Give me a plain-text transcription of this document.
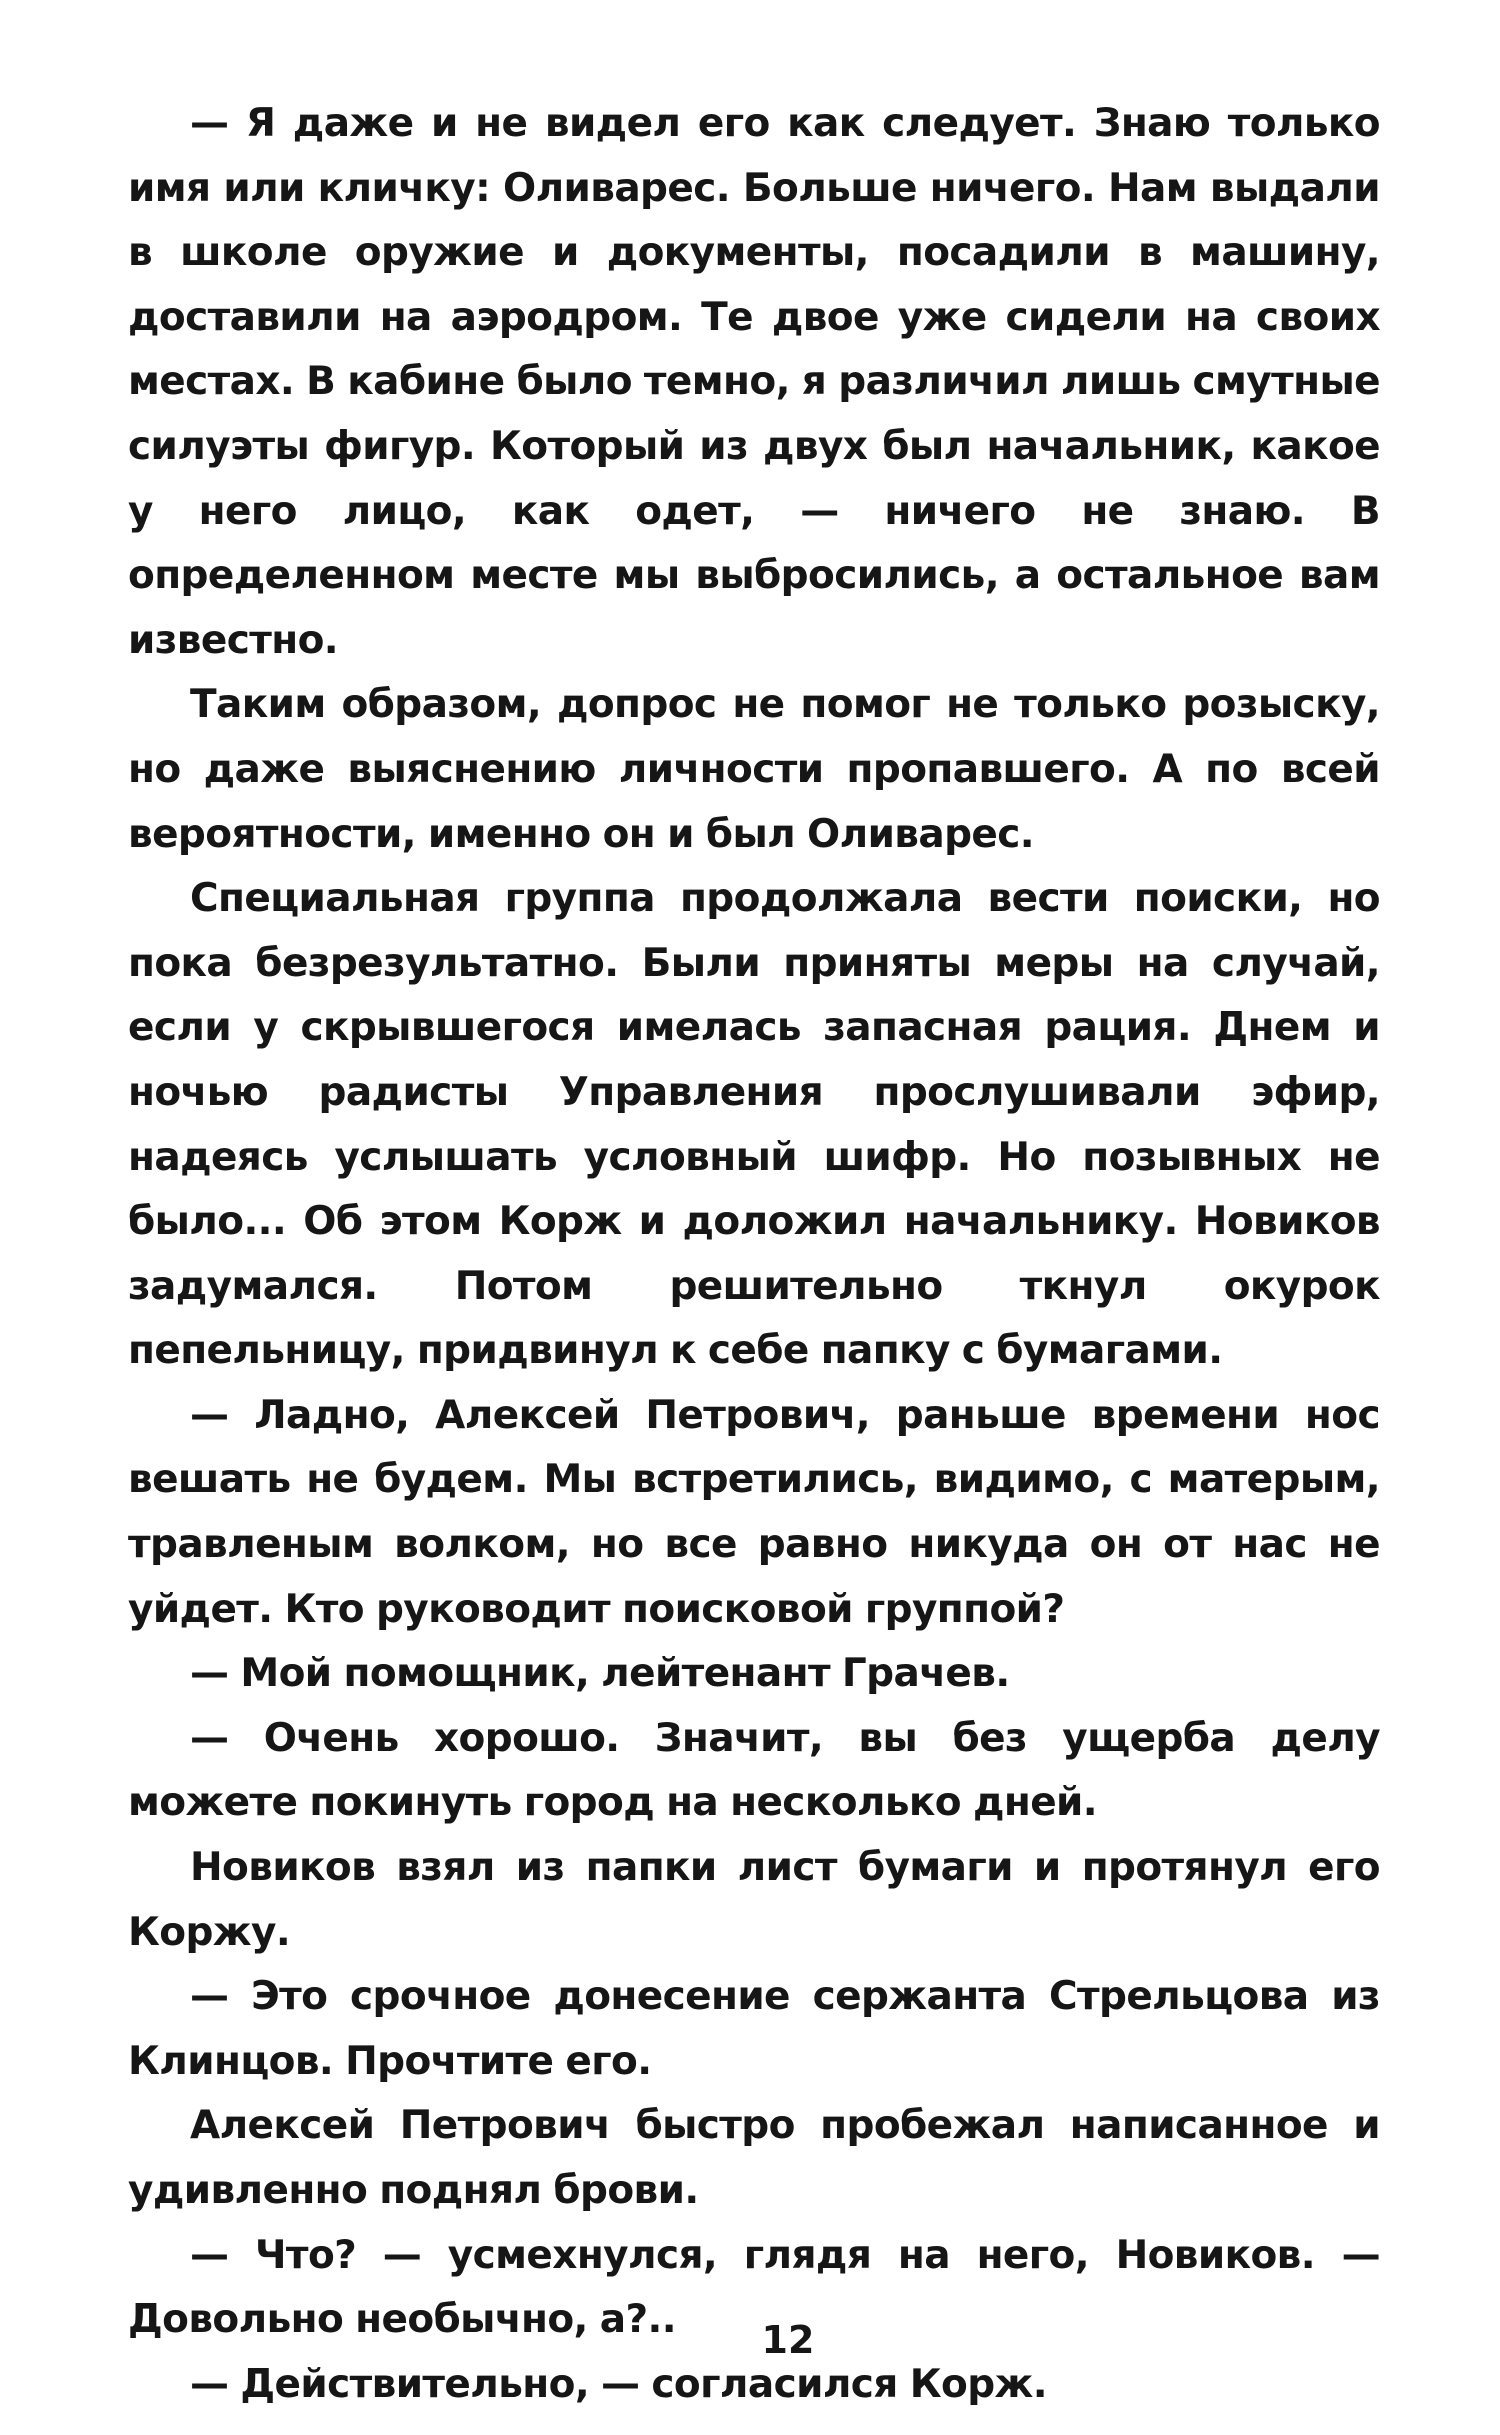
— Я даже и не видел его как следует. Знаю только имя или кличку: Оливарес. Больше ничего. Нам выдали в школе оружие и документы, посадили в машину, доставили на аэродром. Те двое уже сидели на своих местах. В кабине было темно, я различил лишь смутные силуэты фигур. Который из двух был начальник, какое у него лицо, как одет, — ничего не знаю. В определенном месте мы выбросились, а остальное вам известно.

Таким образом, допрос не помог не только розыску, но даже выяснению личности пропавшего. А по всей вероятности, именно он и был Оливарес.

Специальная группа продолжала вести поиски, но пока безрезультатно. Были приняты меры на случай, если у скрывшегося имелась запасная рация. Днем и ночью радисты Управления прослушивали эфир, надеясь услышать условный шифр. Но позывных не было... Об этом Корж и доложил начальнику. Новиков задумался. Потом решительно ткнул окурок пепельницу, придвинул к себе папку с бумагами.

— Ладно, Алексей Петрович, раньше времени нос вешать не будем. Мы встретились, видимо, с матерым, травленым волком, но все равно никуда он от нас не уйдет. Кто руководит поисковой группой?

— Мой помощник, лейтенант Грачев.

— Очень хорошо. Значит, вы без ущерба делу можете покинуть город на несколько дней.

Новиков взял из папки лист бумаги и протянул его Коржу.

— Это срочное донесение сержанта Стрельцова из Клинцов. Прочтите его.

Алексей Петрович быстро пробежал написанное и удивленно поднял брови.

— Что? — усмехнулся, глядя на него, Новиков. — Довольно необычно, а?..

— Действительно, — согласился Корж.

12
